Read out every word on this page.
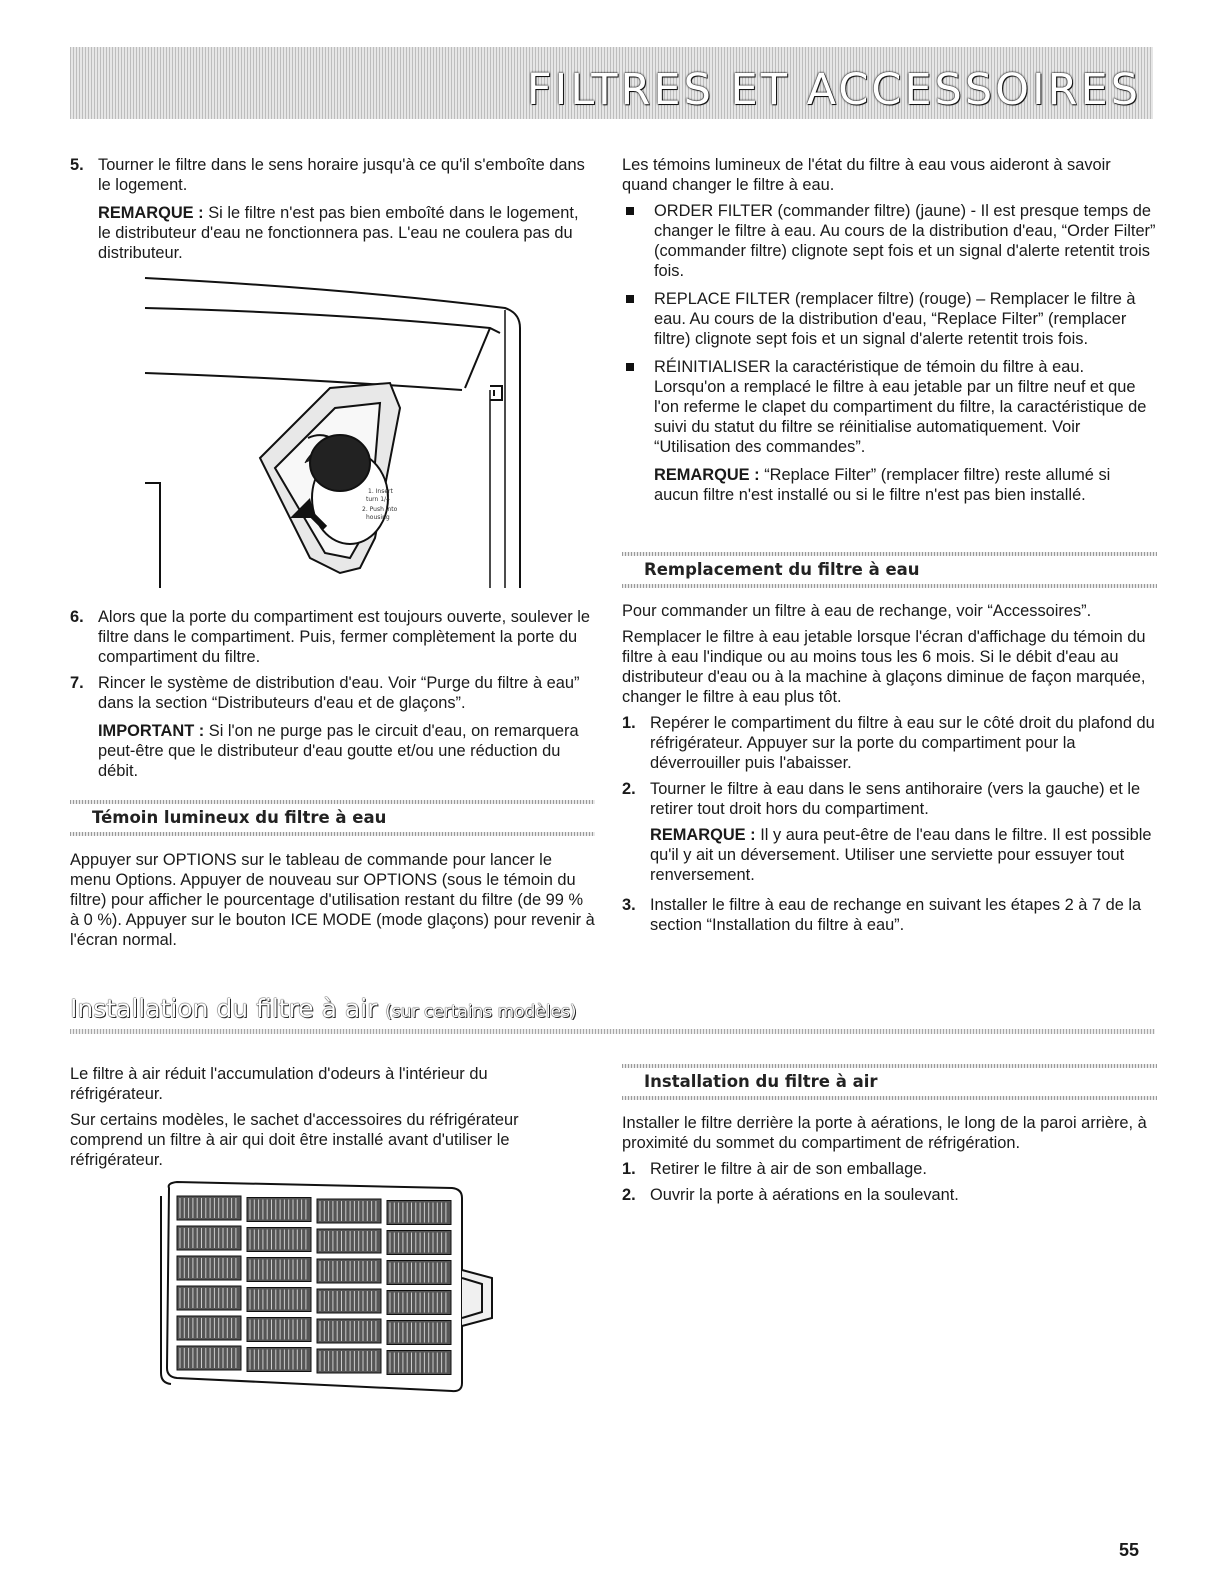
FILTRES ET ACCESSOIRES
5. Tourner le filtre dans le sens horaire jusqu'à ce qu'il s'emboîte dans le logement.

REMARQUE : Si le filtre n'est pas bien emboîté dans le logement, le distributeur d'eau ne fonctionnera pas. L'eau ne coulera pas du distributeur.

1. Insert
turn 1/4
2. Push into
housing
6. Alors que la porte du compartiment est toujours ouverte, soulever le filtre dans le compartiment. Puis, fermer complètement la porte du compartiment du filtre.
7. Rincer le système de distribution d'eau. Voir “Purge du filtre à eau” dans la section “Distributeurs d'eau et de glaçons”.

IMPORTANT : Si l'on ne purge pas le circuit d'eau, on remarquera peut-être que le distributeur d'eau goutte et/ou une réduction du débit.

Témoin lumineux du filtre à eau

Appuyer sur OPTIONS sur le tableau de commande pour lancer le menu Options. Appuyer de nouveau sur OPTIONS (sous le témoin du filtre) pour afficher le pourcentage d'utilisation restant du filtre (de 99 % à 0 %). Appuyer sur le bouton ICE MODE (mode glaçons) pour revenir à l'écran normal.

Les témoins lumineux de l'état du filtre à eau vous aideront à savoir quand changer le filtre à eau.

ORDER FILTER (commander filtre) (jaune) - Il est presque temps de changer le filtre à eau. Au cours de la distribution d'eau, “Order Filter” (commander filtre) clignote sept fois et un signal d'alerte retentit trois fois.
REPLACE FILTER (remplacer filtre) (rouge) – Remplacer le filtre à eau. Au cours de la distribution d'eau, “Replace Filter” (remplacer filtre) clignote sept fois et un signal d'alerte retentit trois fois.
RÉINITIALISER la caractéristique de témoin du filtre à eau. Lorsqu'on a remplacé le filtre à eau jetable par un filtre neuf et que l'on referme le clapet du compartiment du filtre, la caractéristique de suivi du statut du filtre se réinitialise automatiquement. Voir “Utilisation des commandes”.

REMARQUE : “Replace Filter” (remplacer filtre) reste allumé si aucun filtre n'est installé ou si le filtre n'est pas bien installé.

Remplacement du filtre à eau

Pour commander un filtre à eau de rechange, voir “Accessoires”.

Remplacer le filtre à eau jetable lorsque l'écran d'affichage du témoin du filtre à eau l'indique ou au moins tous les 6 mois. Si le débit d'eau au distributeur d'eau ou à la machine à glaçons diminue de façon marquée, changer le filtre à eau plus tôt.

1. Repérer le compartiment du filtre à eau sur le côté droit du plafond du réfrigérateur. Appuyer sur la porte du compartiment pour la déverrouiller puis l'abaisser.
2. Tourner le filtre à eau dans le sens antihoraire (vers la gauche) et le retirer tout droit hors du compartiment.

REMARQUE : Il y aura peut-être de l'eau dans le filtre. Il est possible qu'il y ait un déversement. Utiliser une serviette pour essuyer tout renversement.

3. Installer le filtre à eau de rechange en suivant les étapes 2 à 7 de la section “Installation du filtre à eau”.
Installation du filtre à air (sur certains modèles)

Le filtre à air réduit l'accumulation d'odeurs à l'intérieur du réfrigérateur.

Sur certains modèles, le sachet d'accessoires du réfrigérateur comprend un filtre à air qui doit être installé avant d'utiliser le réfrigérateur.

Installation du filtre à air

Installer le filtre derrière la porte à aérations, le long de la paroi arrière, à proximité du sommet du compartiment de réfrigération.

1. Retirer le filtre à air de son emballage.
2. Ouvrir la porte à aérations en la soulevant.
55
